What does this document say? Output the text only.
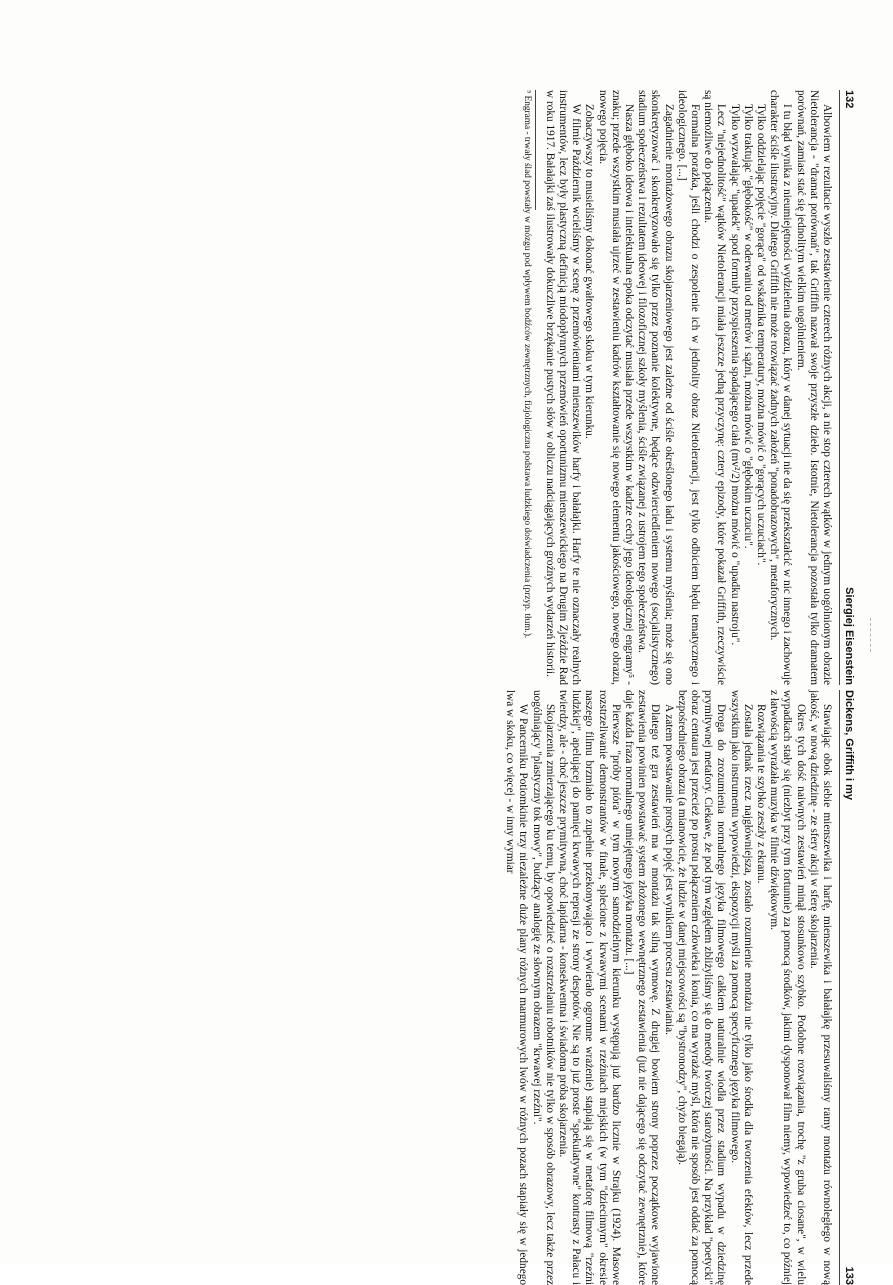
132
Siergiej Eisenstein

Albowiem w rezultacie wyszło zestawienie czterech różnych akcji, a nie stop czterech wątków w jednym uogólnionym obrazie Nietolerancja - "dramat porównań", tak Griffith nazwał swoje przyszłe dzieło. Istotnie, Nietolerancja pozostała tylko dramatem porównań, zamiast stać się jednolitym wielkim uogólnieniem.

I tu błąd wynika z nieumiejętności wydzielenia obrazu, który w danej sytuacji nie da się przekształcić w nic innego i zachowuje charakter ściśle ilustracyjny. Dlatego Griffith nie może rozwiązać żadnych założeń "ponadobrazowych", metaforycznych.

Tylko oddzielając pojęcie "gorąca" od wskaźnika temperatury, można mówić o "gorących uczuciach".

Tylko traktując "głębokość" w oderwaniu od metrów i sążni, można mówić o "głębokim uczuciu".

Tylko wyzwalając "upadek" spod formuły przyspieszenia spadającego ciała (mv²/2) można mówić o "upadku nastroju".

Lecz "niejednolitość" wątków Nietolerancji miała jeszcze jedną przyczynę: cztery epizody, które pokazał Griffith, rzeczywiście są niemożliwe do połączenia.

Formalna porażka, jeśli chodzi o zespolenie ich w jednolity obraz Nietolerancji, jest tylko odbiciem błędu tematycznego i ideologicznego. [...]

Zagadnienie montażowego obrazu skojarzeniowego jest zależne od ściśle określonego ładu i systemu myślenia; może się ono skonkretyzować i skonkretyzowało się tylko przez poznanie kolektywne, będące odzwierciedleniem nowego (socjalistycznego) stadium społeczeństwa i rezultatem ideowej i filozoficznej szkoły myślenia, ściśle związanej z ustrojem tego społeczeństwa.

Nasza głęboko ideowa i intelektualna epoka odczytać musiała przede wszystkim w kadrze cechy jego ideologicznej engramy⁵ - znaku; przede wszystkim musiała ujrzeć w zestawieniu kadrów kształtowanie się nowego elementu jakościowego, nowego obrazu, nowego pojęcia.

Zobaczywszy to musieliśmy dokonać gwałtowego skoku w tym kierunku.

W filmie Październik wcieliśmy w scenę z przemówieniami mienszewików harfy i bałałajki. Harfy te nie oznaczały realnych instrumentów, lecz były plastyczną definicją miodopłynnych przemówień oportunizmu mienszewickiego na Drugim Zjeździe Rad w roku 1917. Bałałajki zaś ilustrowały dokuczliwe brzękanie pustych słów w obliczu nadciągających groźnych wydarzeń historii.

⁵ Engrama - trwały ślad powstały w mózgu pod wpływem bodźców zewnętrznych, fizjologiczna podstawa ludzkiego doświadczenia (przyp. tłum.).
Dickens, Griffith i my
133

Stawiając obok siebie mienszewika i harfę, mienszewika i bałałajkę przesuwaliśmy ramy montażu równoległego w nową jakość, w nową dziedzinę - ze sfery akcji w sferę skojarzenia.

Okres tych dość naiwnych zestawień minął stosunkowo szybko. Podobne rozwiązania, trochę "z gruba ciosane", w wielu wypadkach stały się (niezbyt przy tym fortunnie) za pomocą środków, jakimi dysponował film niemy, wypowiedzeć to, co później z łatwością wyrażała muzyka w filmie dźwiękowym.

Rozwiązania te szybko zeszły z ekranu.

Została jednak rzecz najgłówniejsza, zostało rozumienie montażu nie tylko jako środka dla tworzenia efektów, lecz przede wszystkim jako instrumentu wypowiedzi, ekspozycji myśli za pomocą specyficznego języka filmowego.

Droga do zrozumienia normalnego języka filmowego całkiem naturalnie wiodła przez stadium wypadu w dziedzinę prymitywnej metafory. Ciekawe, że pod tym względem zbliżyliśmy się do metody twórczej starożytności. Na przykład "poetycki" obraz centaura jest przecież po prostu połączeniem człowieka i konia, co ma wyrażać myśl, która nie sposób jest oddać za pomocą bezpośredniego obrazu (a mianowicie, że ludzie w danej miejscowości są "bystronodzy", chyżo biegają).

A zatem powstawanie prostych pojęć jest wynikiem procesu zestawiania.

Dlatego też gra zestawień ma w montażu tak silną wymowę. Z drugiej bowiem strony poprzez początkowe wyjawione zestawienia powinien powstawać system złożonego wewnętrznego zestawienia (już nie dającego się odczytać zewnętrznie), które daje każda fraza normalnego umiejętnego języka montażu. [...]

Pierwsze "próby pióra" w tym nowym samodzielnym kierunku występują już bardzo licznie w Strajku (1924). Masowe rozstrzeliwanie demonstrantów w finale, splecione z krwawymi scenami w rzeźniach miejskich (w tym "dziecinnym" okresie naszego filmu brzmiało to zupełnie przekonywająco i wywierało ogromne wrażenie) stapiają się w metaforę filmową "rzeźni ludzkiej", apelującej do pamięci krwawych represji ze strony despotów. Nie są to już proste "spekulatywne" kontrasty z Pałacu i twierdzy, ale - choć jeszcze prymitywna, choć lapidarna - konsekwentna i świadoma próba skojarzenia.

Skojarzenia zmierzającego ku temu, by opowiedzieć o rozstrzelaniu robotników nie tylko w sposób obrazowy, lecz także przez uogólniający "plastyczny tok mowy", budzący analogię ze słownym obrazem "krwawej rzeźni".

W Pancerniku Potiomkinie trzy niezależne duże plany różnych marmurowych lwów w różnych pozach stapiały się w jednego lwa w skoku, co więcej - w inny wymiar
